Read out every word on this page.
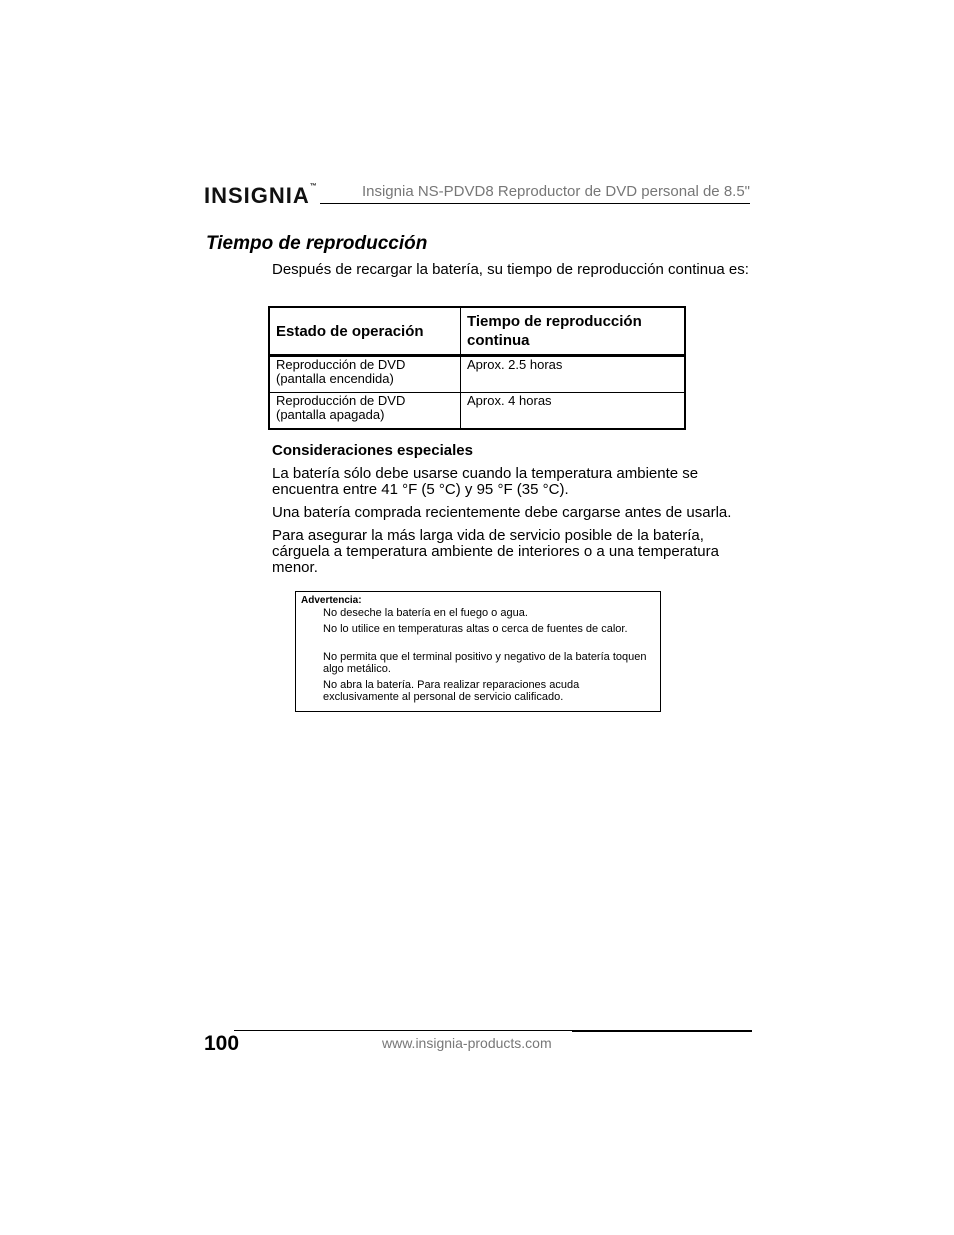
INSIGNIA™	Insignia NS-PDVD8 Reproductor de DVD personal de 8.5"
Tiempo de reproducción
Después de recargar la batería, su tiempo de reproducción continua es:
Estado de operación	Tiempo de reproducción continua
Reproducción de DVD (pantalla encendida)	Aprox. 2.5 horas
Reproducción de DVD (pantalla apagada)	Aprox. 4 horas
Consideraciones especiales
La batería sólo debe usarse cuando la temperatura ambiente se encuentra entre 41 °F (5 °C) y 95 °F (35 °C).
Una batería comprada recientemente debe cargarse antes de usarla.
Para asegurar la más larga vida de servicio posible de la batería, cárguela a temperatura ambiente de interiores o a una temperatura menor.
Advertencia:
No deseche la batería en el fuego o agua.
No lo utilice en temperaturas altas o cerca de fuentes de calor.
No permita que el terminal positivo y negativo de la batería toquen algo metálico.
No abra la batería. Para realizar reparaciones acuda exclusivamente al personal de servicio calificado.
100	www.insignia-products.com
